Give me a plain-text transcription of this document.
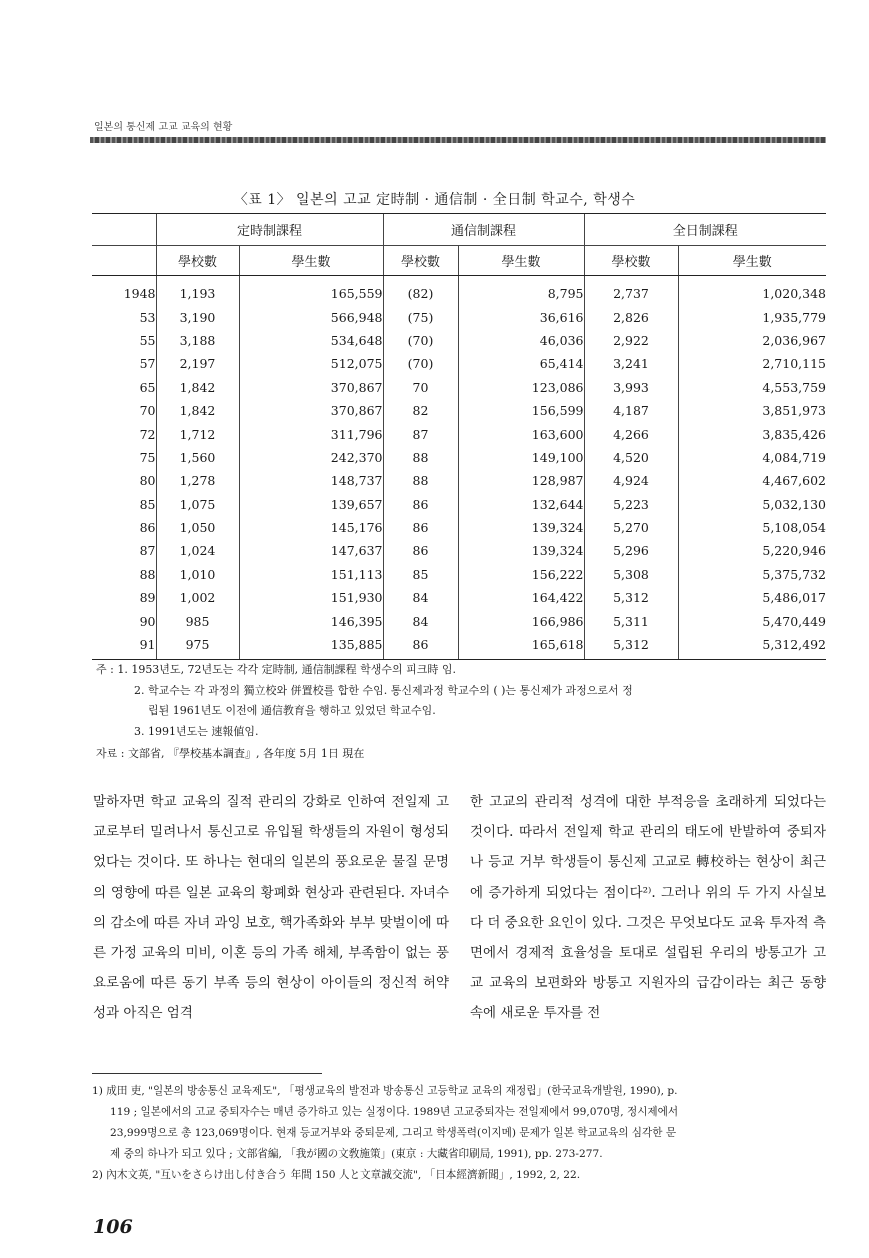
일본의 통신제 고교 교육의 현황
〈표 1〉 일본의 고교 定時制 · 通信制 · 全日制 학교수, 학생수
	定時制課程		通信制課程		全日制課程	
	學校數	學生數	學校數	學生數	學校數	學生數
1948	1,193	165,559	(82)	8,795	2,737	1,020,348
53	3,190	566,948	(75)	36,616	2,826	1,935,779
55	3,188	534,648	(70)	46,036	2,922	2,036,967
57	2,197	512,075	(70)	65,414	3,241	2,710,115
65	1,842	370,867	70	123,086	3,993	4,553,759
70	1,842	370,867	82	156,599	4,187	3,851,973
72	1,712	311,796	87	163,600	4,266	3,835,426
75	1,560	242,370	88	149,100	4,520	4,084,719
80	1,278	148,737	88	128,987	4,924	4,467,602
85	1,075	139,657	86	132,644	5,223	5,032,130
86	1,050	145,176	86	139,324	5,270	5,108,054
87	1,024	147,637	86	139,324	5,296	5,220,946
88	1,010	151,113	85	156,222	5,308	5,375,732
89	1,002	151,930	84	164,422	5,312	5,486,017
90	985	146,395	84	166,986	5,311	5,470,449
91	975	135,885	86	165,618	5,312	5,312,492
주 : 1. 1953년도, 72년도는 각각 定時制, 通信制課程 학생수의 피크時 임.
2. 학교수는 각 과정의 獨立校와 併置校를 합한 수임. 통신제과정 학교수의 ( )는 통신제가 과정으로서 정
립된 1961년도 이전에 通信教育을 행하고 있었던 학교수임.
3. 1991년도는 速報値임.
자료 : 文部省, 『學校基本調査』, 各年度 5月 1日 現在
말하자면 학교 교육의 질적 관리의 강화로 인하여 전일제 고교로부터 밀려나서 통신고로 유입될 학생들의 자원이 형성되었다는 것이다. 또 하나는 현대의 일본의 풍요로운 물질 문명의 영향에 따른 일본 교육의 황폐화 현상과 관련된다. 자녀수의 감소에 따른 자녀 과잉 보호, 핵가족화와 부부 맞벌이에 따른 가정 교육의 미비, 이혼 등의 가족 해체, 부족함이 없는 풍요로움에 따른 동기 부족 등의 현상이 아이들의 정신적 허약성과 아직은 엄격
한 고교의 관리적 성격에 대한 부적응을 초래하게 되었다는 것이다. 따라서 전일제 학교 관리의 태도에 반발하여 중퇴자나 등교 거부 학생들이 통신제 고교로 轉校하는 현상이 최근에 증가하게 되었다는 점이다²⁾. 그러나 위의 두 가지 사실보다 더 중요한 요인이 있다. 그것은 무엇보다도 교육 투자적 측면에서 경제적 효율성을 토대로 설립된 우리의 방통고가 고교 교육의 보편화와 방통고 지원자의 급감이라는 최근 동향 속에 새로운 투자를 전
1) 成田 吏, "일본의 방송통신 교육제도", 「평생교육의 발전과 방송통신 고등학교 교육의 재정립」(한국교육개발원, 1990), p.
119 ; 일본에서의 고교 중퇴자수는 매년 증가하고 있는 실정이다. 1989년 고교중퇴자는 전일제에서 99,070명, 정시제에서
23,999명으로 총 123,069명이다. 현재 등교거부와 중퇴문제, 그리고 학생폭력(이지메) 문제가 일본 학교교육의 심각한 문
제 중의 하나가 되고 있다 ; 文部省編, 「我が國の文敎施策」(東京 : 大藏省印刷局, 1991), pp. 273-277.
2) 內木文英, "互いをさらけ出し付き合う 年間 150 人と文章誠交流", 「日本經濟新聞」, 1992, 2, 22.
106
